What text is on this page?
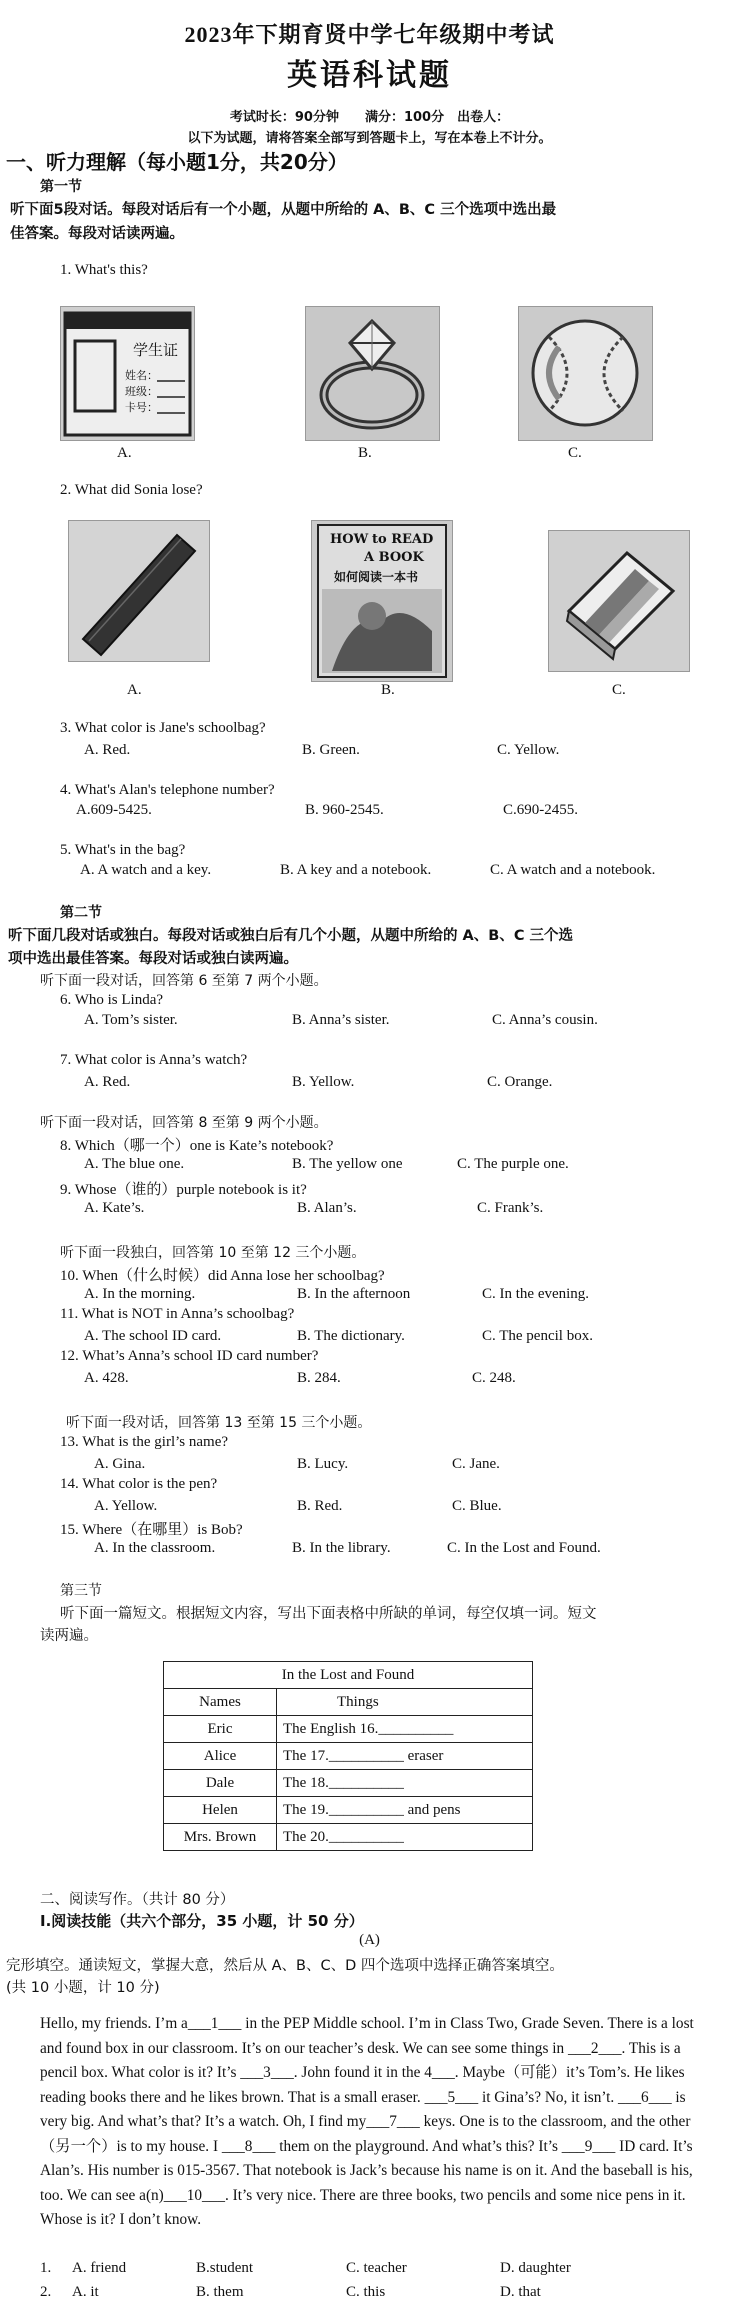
2023年下期育贤中学七年级期中考试
英语科试题
考试时长：90分钟　　满分：100分　出卷人：
以下为试题，请将答案全部写到答题卡上，写在本卷上不计分。
一、听力理解（每小题1分，共20分）
第一节
听下面5段对话。每段对话后有一个小题，从题中所给的 A、B、C 三个选项中选出最
佳答案。每段对话读两遍。
1. What's this?
学生证
姓名：
班级：
卡号：
A.	B.	C.
2. What did Sonia lose?
HOW to READ
A BOOK
如何阅读一本书
A.	B.	C.
3. What color is Jane's schoolbag?
A. Red.	B. Green.	C. Yellow.
4. What's Alan's telephone number?
A.609-5425.	B. 960-2545.	C.690-2455.
5. What's in the bag?
A. A watch and a key.	B. A key and a notebook.	C. A watch and a notebook.
第二节
听下面几段对话或独白。每段对话或独白后有几个小题，从题中所给的 A、B、C 三个选
项中选出最佳答案。每段对话或独白读两遍。
听下面一段对话，回答第 6 至第 7 两个小题。
6. Who is Linda?
A. Tom’s sister.	B. Anna’s sister.	C. Anna’s cousin.
7. What color is Anna’s watch?
A. Red.	B. Yellow.	C. Orange.
听下面一段对话，回答第 8 至第 9 两个小题。
8. Which（哪一个）one is Kate’s notebook?
A. The blue one.	B. The yellow one	C. The purple one.
9. Whose（谁的）purple notebook is it?
A. Kate’s.	B. Alan’s.	C. Frank’s.
听下面一段独白，回答第 10 至第 12 三个小题。
10. When（什么时候）did Anna lose her schoolbag?
A. In the morning.	B. In the afternoon	C. In the evening.
11. What is NOT in Anna’s schoolbag?
A. The school ID card.	B. The dictionary.	C. The pencil box.
12. What’s Anna’s school ID card number?
A. 428.	B. 284.	C. 248.
听下面一段对话，回答第 13 至第 15 三个小题。
13. What is the girl’s name?
A. Gina.	B. Lucy.	C. Jane.
14. What color is the pen?
A. Yellow.	B. Red.	C. Blue.
15. Where（在哪里）is Bob?
A. In the classroom.	B. In the library.	C. In the Lost and Found.
第三节
听下面一篇短文。根据短文内容，写出下面表格中所缺的单词，每空仅填一词。短文
读两遍。
In the Lost and Found	
Names	Things
Eric	The English 16.__________
Alice	The 17.__________ eraser
Dale	The 18.__________
Helen	The 19.__________ and pens
Mrs. Brown	The 20.__________
二、阅读写作。（共计 80 分）
Ⅰ.阅读技能（共六个部分，35 小题，计 50 分）
(A)
完形填空。通读短文，掌握大意，然后从 A、B、C、D 四个选项中选择正确答案填空。
(共 10 小题，计 10 分)
Hello, my friends. I’m a___1___ in the PEP Middle school. I’m in Class Two, Grade Seven. There is a lost and found box in our classroom. It’s on our teacher’s desk. We can see some things in ___2___. This is a pencil box. What color is it? It’s ___3___. John found it in the 4___. Maybe（可能）it’s Tom’s. He likes reading books there and he likes brown. That is a small eraser. ___5___ it Gina’s? No, it isn’t. ___6___ is very big. And what’s that? It’s a watch. Oh, I find my___7___ keys. One is to the classroom, and the other（另一个）is to my house. I ___8___ them on the playground. And what’s this? It’s ___9___ ID card. It’s Alan’s. His number is 015-3567. That notebook is Jack’s because his name is on it. And the baseball is his, too. We can see a(n)___10___. It’s very nice. There are three books, two pencils and some nice pens in it. Whose is it? I don’t know.
1. A. friend	B.student	C. teacher	D. daughter
2. A. it	B. them	C. this	D. that
